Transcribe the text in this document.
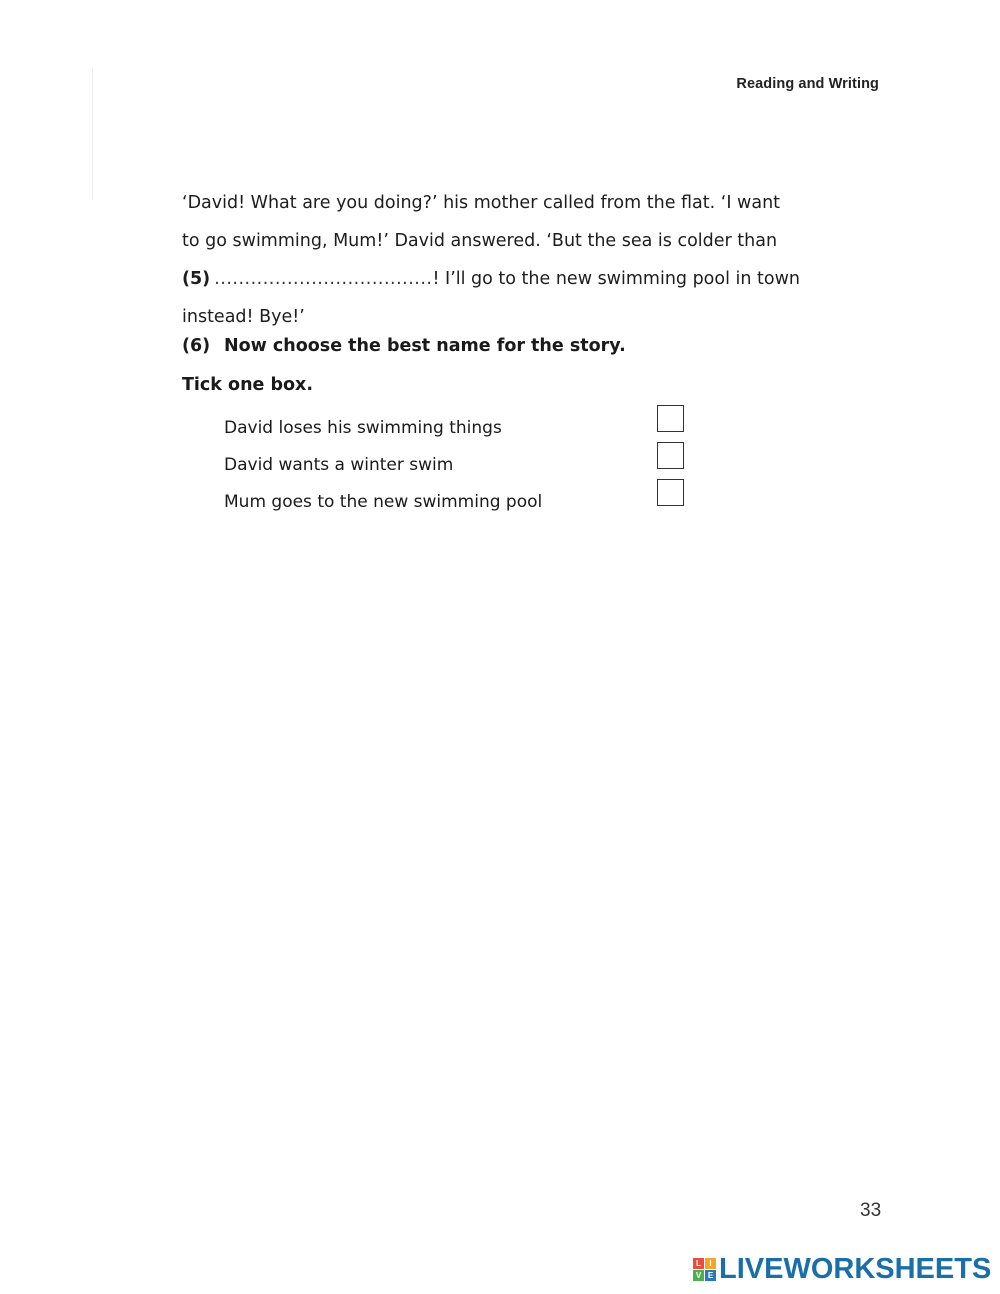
Reading and Writing

‘David! What are you doing?’ his mother called from the flat. ‘I want

to go swimming, Mum!’ David answered. ‘But the sea is colder than

(5) ....................................! I’ll go to the new swimming pool in town

instead! Bye!’

(6) Now choose the best name for the story.
Tick one box.
David loses his swimming things
David wants a winter swim
Mum goes to the new swimming pool
33
L	I
V E LIVEWORKSHEETS
